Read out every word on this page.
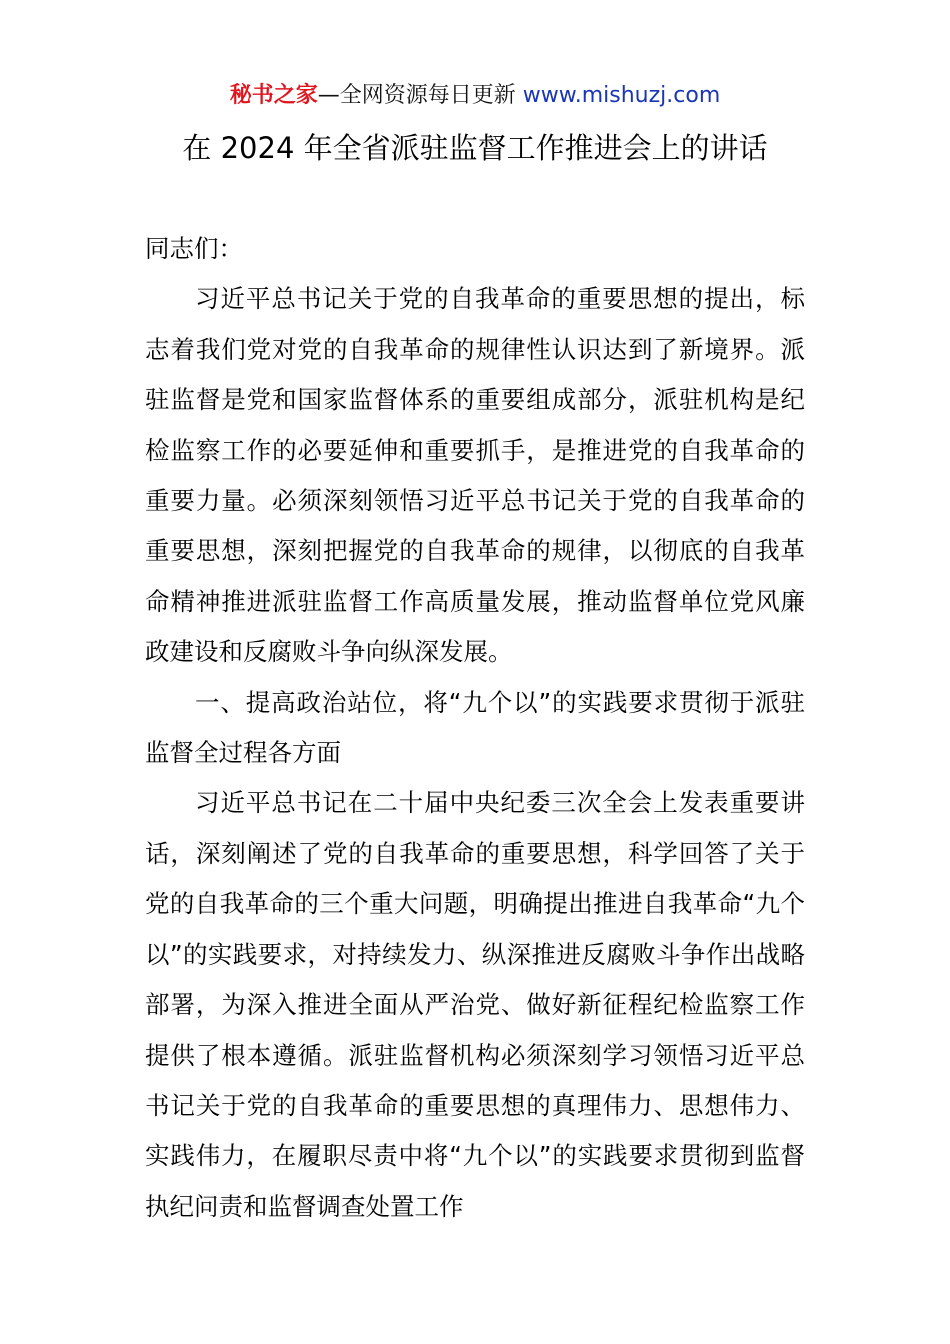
秘书之家—全网资源每日更新 www.mishuzj.com
在 2024 年全省派驻监督工作推进会上的讲话

同志们：

习近平总书记关于党的自我革命的重要思想的提出，标志着我们党对党的自我革命的规律性认识达到了新境界。派驻监督是党和国家监督体系的重要组成部分，派驻机构是纪检监察工作的必要延伸和重要抓手，是推进党的自我革命的重要力量。必须深刻领悟习近平总书记关于党的自我革命的重要思想，深刻把握党的自我革命的规律，以彻底的自我革命精神推进派驻监督工作高质量发展，推动监督单位党风廉政建设和反腐败斗争向纵深发展。

一、提高政治站位，将“九个以”的实践要求贯彻于派驻监督全过程各方面

习近平总书记在二十届中央纪委三次全会上发表重要讲话，深刻阐述了党的自我革命的重要思想，科学回答了关于党的自我革命的三个重大问题，明确提出推进自我革命“九个以”的实践要求，对持续发力、纵深推进反腐败斗争作出战略部署，为深入推进全面从严治党、做好新征程纪检监察工作提供了根本遵循。派驻监督机构必须深刻学习领悟习近平总书记关于党的自我革命的重要思想的真理伟力、思想伟力、实践伟力，在履职尽责中将“九个以”的实践要求贯彻到监督执纪问责和监督调查处置工作
